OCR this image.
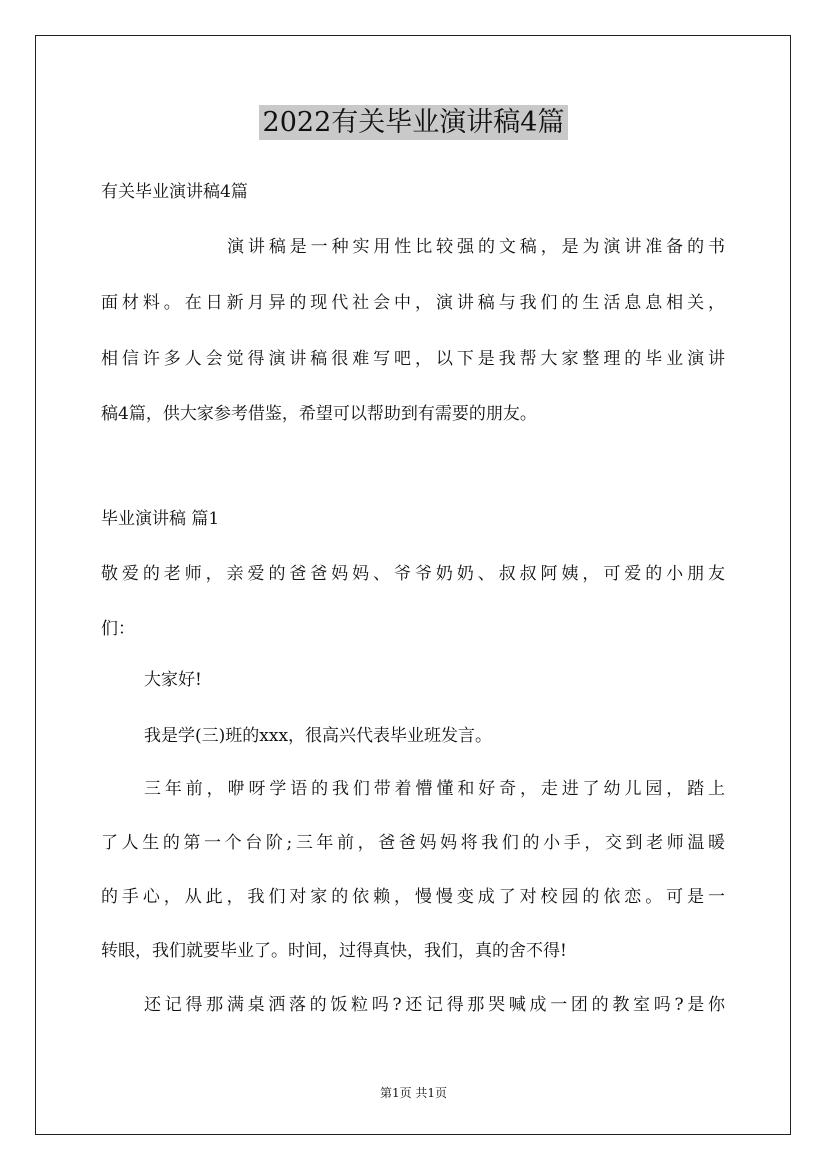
2022有关毕业演讲稿4篇
有关毕业演讲稿4篇
演讲稿是一种实用性比较强的文稿，是为演讲准备的书
面材料。在日新月异的现代社会中，演讲稿与我们的生活息息相关，
相信许多人会觉得演讲稿很难写吧，以下是我帮大家整理的毕业演讲
稿4篇，供大家参考借鉴，希望可以帮助到有需要的朋友。
毕业演讲稿 篇1
敬爱的老师，亲爱的爸爸妈妈、爷爷奶奶、叔叔阿姨，可爱的小朋友
们：
大家好!
我是学(三)班的xxx，很高兴代表毕业班发言。
三年前，咿呀学语的我们带着懵懂和好奇，走进了幼儿园，踏上
了人生的第一个台阶;三年前，爸爸妈妈将我们的小手，交到老师温暖
的手心，从此，我们对家的依赖，慢慢变成了对校园的依恋。可是一
转眼，我们就要毕业了。时间，过得真快，我们，真的舍不得!
还记得那满桌洒落的饭粒吗?还记得那哭喊成一团的教室吗?是你
第1页 共1页
